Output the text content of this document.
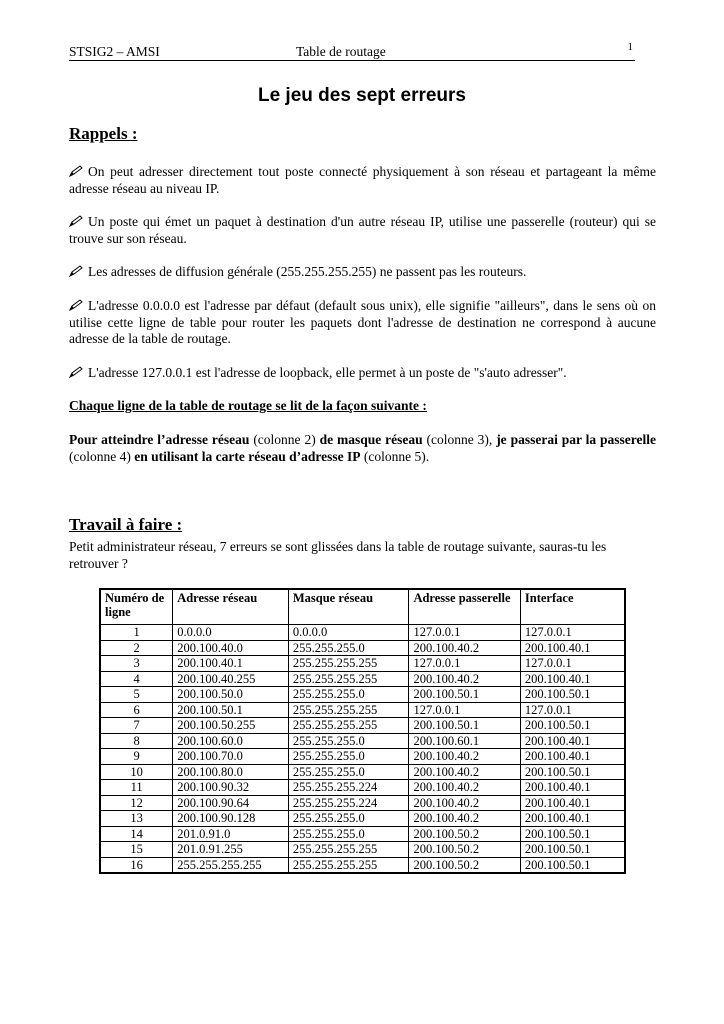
STSIG2 – AMSI	Table de routage	1
Le jeu des sept erreurs
Rappels :
On peut adresser directement tout poste connecté physiquement à son réseau et partageant la même adresse réseau au niveau IP.
Un poste qui émet un paquet à destination d'un autre réseau IP, utilise une passerelle (routeur) qui se trouve sur son réseau.
Les adresses de diffusion générale (255.255.255.255) ne passent pas les routeurs.
L'adresse 0.0.0.0 est l'adresse par défaut (default sous unix), elle signifie "ailleurs", dans le sens où on utilise cette ligne de table pour router les paquets dont l'adresse de destination ne correspond à aucune adresse de la table de routage.
L'adresse 127.0.0.1 est l'adresse de loopback, elle permet à un poste de "s'auto adresser".
Chaque ligne de la table de routage se lit de la façon suivante :
Pour atteindre l’adresse réseau (colonne 2) de masque réseau (colonne 3), je passerai par la passerelle (colonne 4) en utilisant la carte réseau d’adresse IP (colonne 5).
Travail à faire :
Petit administrateur réseau, 7 erreurs se sont glissées dans la table de routage suivante, sauras-tu les retrouver ?
Numéro de ligne	Adresse réseau	Masque réseau	Adresse passerelle	Interface
1	0.0.0.0	0.0.0.0	127.0.0.1	127.0.0.1
2	200.100.40.0	255.255.255.0	200.100.40.2	200.100.40.1
3	200.100.40.1	255.255.255.255	127.0.0.1	127.0.0.1
4	200.100.40.255	255.255.255.255	200.100.40.2	200.100.40.1
5	200.100.50.0	255.255.255.0	200.100.50.1	200.100.50.1
6	200.100.50.1	255.255.255.255	127.0.0.1	127.0.0.1
7	200.100.50.255	255.255.255.255	200.100.50.1	200.100.50.1
8	200.100.60.0	255.255.255.0	200.100.60.1	200.100.40.1
9	200.100.70.0	255.255.255.0	200.100.40.2	200.100.40.1
10	200.100.80.0	255.255.255.0	200.100.40.2	200.100.50.1
11	200.100.90.32	255.255.255.224	200.100.40.2	200.100.40.1
12	200.100.90.64	255.255.255.224	200.100.40.2	200.100.40.1
13	200.100.90.128	255.255.255.0	200.100.40.2	200.100.40.1
14	201.0.91.0	255.255.255.0	200.100.50.2	200.100.50.1
15	201.0.91.255	255.255.255.255	200.100.50.2	200.100.50.1
16	255.255.255.255	255.255.255.255	200.100.50.2	200.100.50.1
